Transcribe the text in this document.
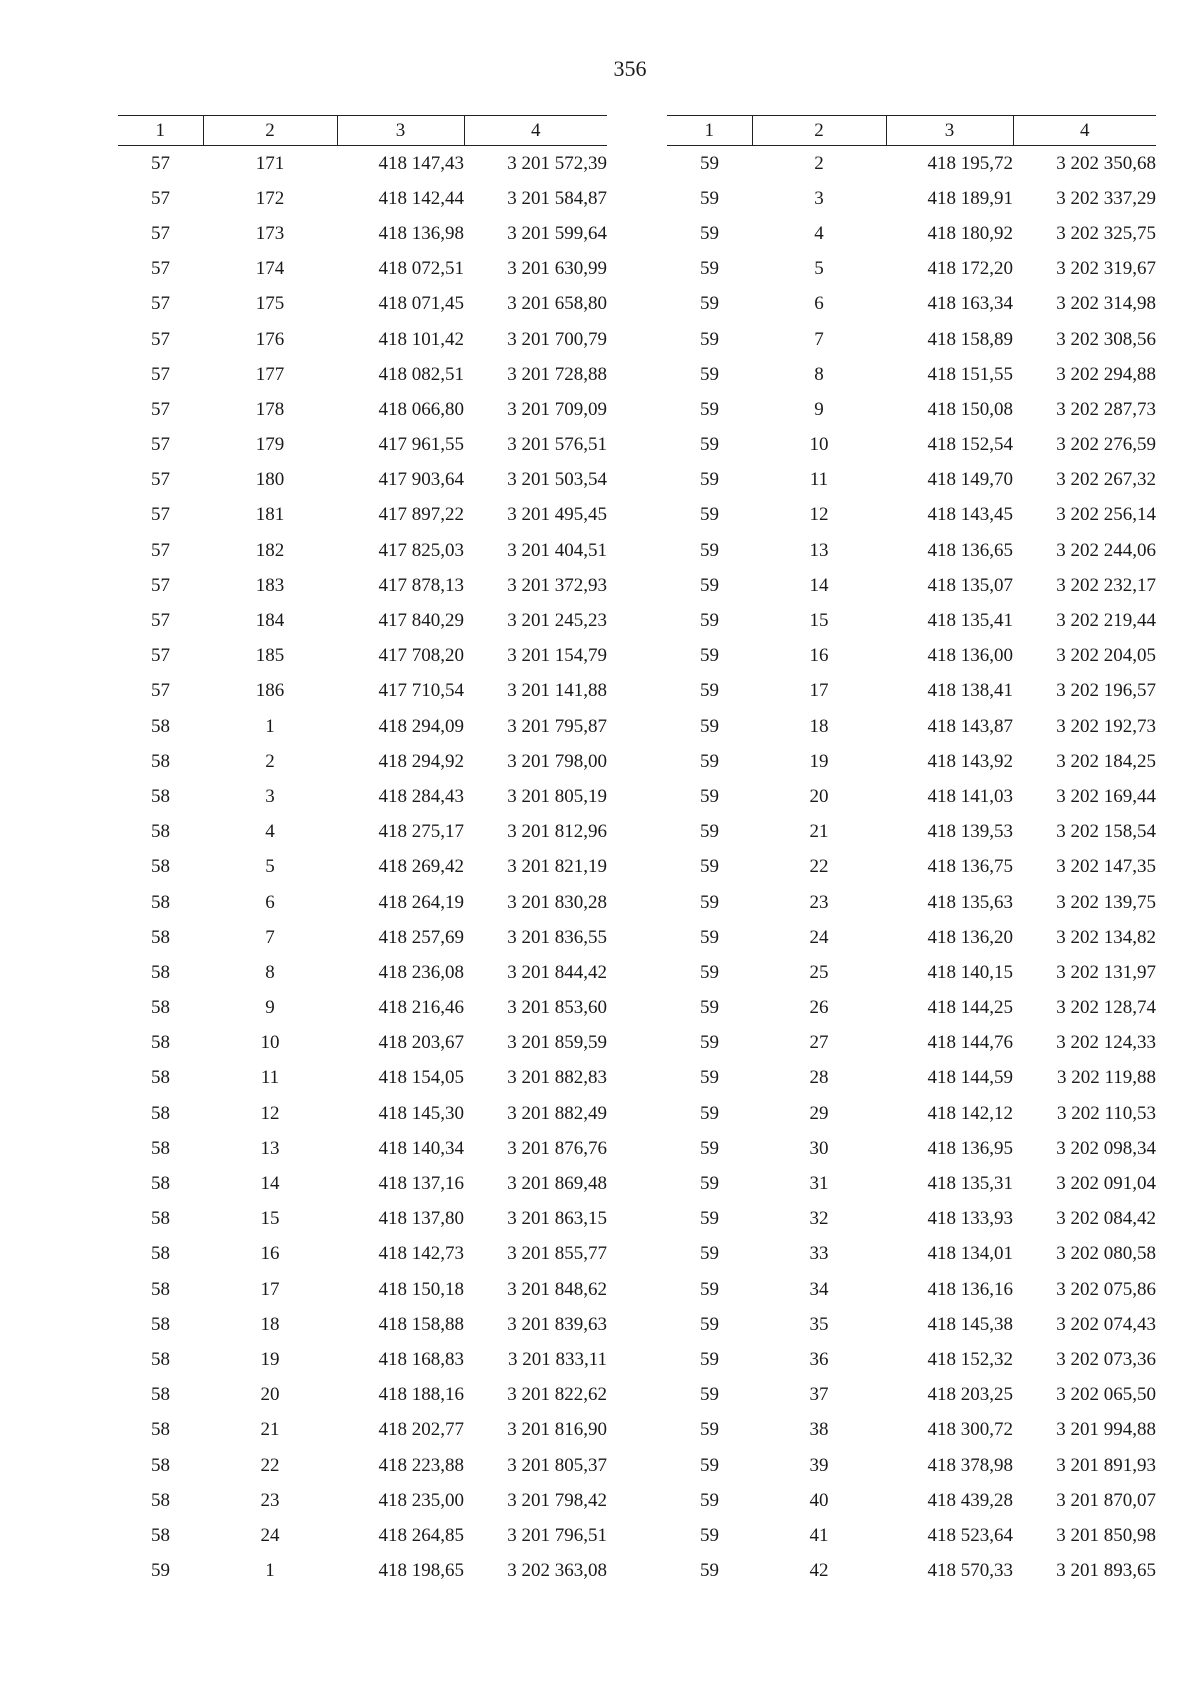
356
1	2	3	4
57	171	418 147,43	3 201 572,39
57	172	418 142,44	3 201 584,87
57	173	418 136,98	3 201 599,64
57	174	418 072,51	3 201 630,99
57	175	418 071,45	3 201 658,80
57	176	418 101,42	3 201 700,79
57	177	418 082,51	3 201 728,88
57	178	418 066,80	3 201 709,09
57	179	417 961,55	3 201 576,51
57	180	417 903,64	3 201 503,54
57	181	417 897,22	3 201 495,45
57	182	417 825,03	3 201 404,51
57	183	417 878,13	3 201 372,93
57	184	417 840,29	3 201 245,23
57	185	417 708,20	3 201 154,79
57	186	417 710,54	3 201 141,88
58	1	418 294,09	3 201 795,87
58	2	418 294,92	3 201 798,00
58	3	418 284,43	3 201 805,19
58	4	418 275,17	3 201 812,96
58	5	418 269,42	3 201 821,19
58	6	418 264,19	3 201 830,28
58	7	418 257,69	3 201 836,55
58	8	418 236,08	3 201 844,42
58	9	418 216,46	3 201 853,60
58	10	418 203,67	3 201 859,59
58	11	418 154,05	3 201 882,83
58	12	418 145,30	3 201 882,49
58	13	418 140,34	3 201 876,76
58	14	418 137,16	3 201 869,48
58	15	418 137,80	3 201 863,15
58	16	418 142,73	3 201 855,77
58	17	418 150,18	3 201 848,62
58	18	418 158,88	3 201 839,63
58	19	418 168,83	3 201 833,11
58	20	418 188,16	3 201 822,62
58	21	418 202,77	3 201 816,90
58	22	418 223,88	3 201 805,37
58	23	418 235,00	3 201 798,42
58	24	418 264,85	3 201 796,51
59	1	418 198,65	3 202 363,08
1	2	3	4
59	2	418 195,72	3 202 350,68
59	3	418 189,91	3 202 337,29
59	4	418 180,92	3 202 325,75
59	5	418 172,20	3 202 319,67
59	6	418 163,34	3 202 314,98
59	7	418 158,89	3 202 308,56
59	8	418 151,55	3 202 294,88
59	9	418 150,08	3 202 287,73
59	10	418 152,54	3 202 276,59
59	11	418 149,70	3 202 267,32
59	12	418 143,45	3 202 256,14
59	13	418 136,65	3 202 244,06
59	14	418 135,07	3 202 232,17
59	15	418 135,41	3 202 219,44
59	16	418 136,00	3 202 204,05
59	17	418 138,41	3 202 196,57
59	18	418 143,87	3 202 192,73
59	19	418 143,92	3 202 184,25
59	20	418 141,03	3 202 169,44
59	21	418 139,53	3 202 158,54
59	22	418 136,75	3 202 147,35
59	23	418 135,63	3 202 139,75
59	24	418 136,20	3 202 134,82
59	25	418 140,15	3 202 131,97
59	26	418 144,25	3 202 128,74
59	27	418 144,76	3 202 124,33
59	28	418 144,59	3 202 119,88
59	29	418 142,12	3 202 110,53
59	30	418 136,95	3 202 098,34
59	31	418 135,31	3 202 091,04
59	32	418 133,93	3 202 084,42
59	33	418 134,01	3 202 080,58
59	34	418 136,16	3 202 075,86
59	35	418 145,38	3 202 074,43
59	36	418 152,32	3 202 073,36
59	37	418 203,25	3 202 065,50
59	38	418 300,72	3 201 994,88
59	39	418 378,98	3 201 891,93
59	40	418 439,28	3 201 870,07
59	41	418 523,64	3 201 850,98
59	42	418 570,33	3 201 893,65
